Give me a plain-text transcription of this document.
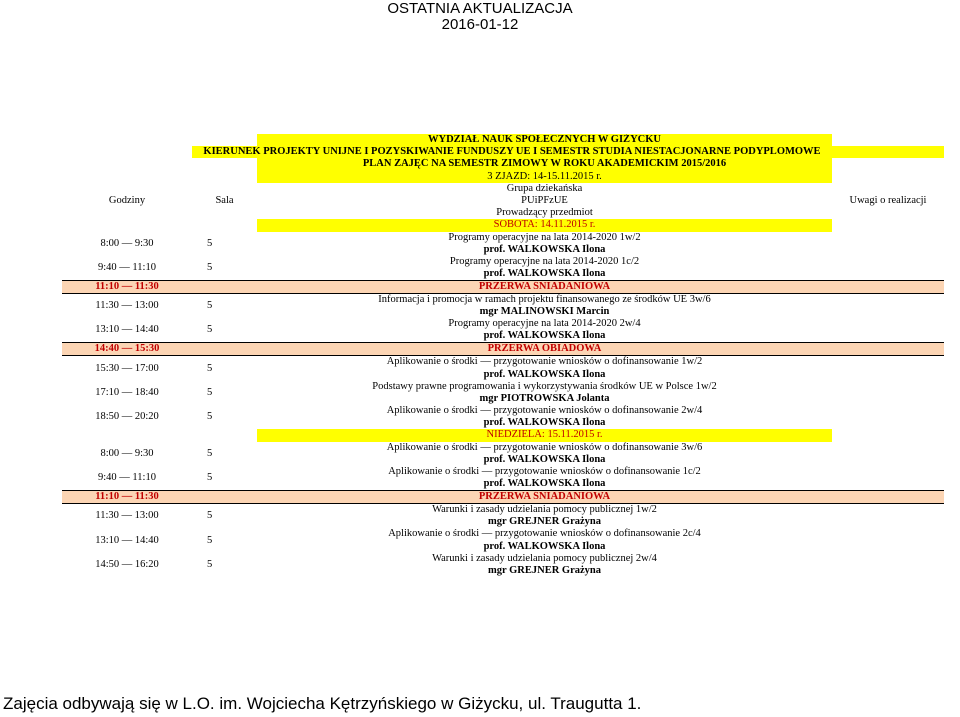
OSTATNIA AKTUALIZACJA
2016-01-12
		WYDZIAŁ NAUK SPOŁECZNYCH W GIŻYCKU	
	KIERUNEK PROJEKTY UNIJNE I POZYSKIWANIE FUNDUSZY UE I SEMESTR STUDIA NIESTACJONARNE PODYPLOMOWE		
		PLAN ZAJĘĆ NA SEMESTR ZIMOWY W ROKU AKADEMICKIM 2015/2016	
		3 ZJAZD: 14-15.11.2015 r.	
Godziny	Sala	Grupa dziekańska	Uwagi o realizacji
		PUiPFzUE	
		Prowadzący przedmiot	
		SOBOTA: 14.11.2015 r.	
8:00 — 9:30	5	Programy operacyjne na lata 2014-2020 1w/2	
		prof. WALKOWSKA Ilona	
9:40 — 11:10	5	Programy operacyjne na lata 2014-2020 1c/2	
		prof. WALKOWSKA Ilona	
11:10 — 11:30		PRZERWA ŚNIADANIOWA	
11:30 — 13:00	5	Informacja i promocja w ramach projektu finansowanego ze środków UE 3w/6	
		mgr MALINOWSKI Marcin	
13:10 — 14:40	5	Programy operacyjne na lata 2014-2020 2w/4	
		prof. WALKOWSKA Ilona	
14:40 — 15:30		PRZERWA OBIADOWA	
15:30 — 17:00	5	Aplikowanie o środki — przygotowanie wniosków o dofinansowanie 1w/2	
		prof. WALKOWSKA Ilona	
17:10 — 18:40	5	Podstawy prawne programowania i wykorzystywania środków UE w Polsce 1w/2	
		mgr PIOTROWSKA Jolanta	
18:50 — 20:20	5	Aplikowanie o środki — przygotowanie wniosków o dofinansowanie 2w/4	
		prof. WALKOWSKA Ilona	
		NIEDZIELA: 15.11.2015 r.	
8:00 — 9:30	5	Aplikowanie o środki — przygotowanie wniosków o dofinansowanie 3w/6	
		prof. WALKOWSKA Ilona	
9:40 — 11:10	5	Aplikowanie o środki — przygotowanie wniosków o dofinansowanie 1c/2	
		prof. WALKOWSKA Ilona	
11:10 — 11:30		PRZERWA ŚNIADANIOWA	
11:30 — 13:00	5	Warunki i zasady udzielania pomocy publicznej 1w/2	
		mgr GREJNER Grażyna	
13:10 — 14:40	5	Aplikowanie o środki — przygotowanie wniosków o dofinansowanie 2c/4	
		prof. WALKOWSKA Ilona	
14:50 — 16:20	5	Warunki i zasady udzielania pomocy publicznej 2w/4	
		mgr GREJNER Grażyna	
Zajęcia odbywają się w L.O. im. Wojciecha Kętrzyńskiego w Giżycku, ul. Traugutta 1.
